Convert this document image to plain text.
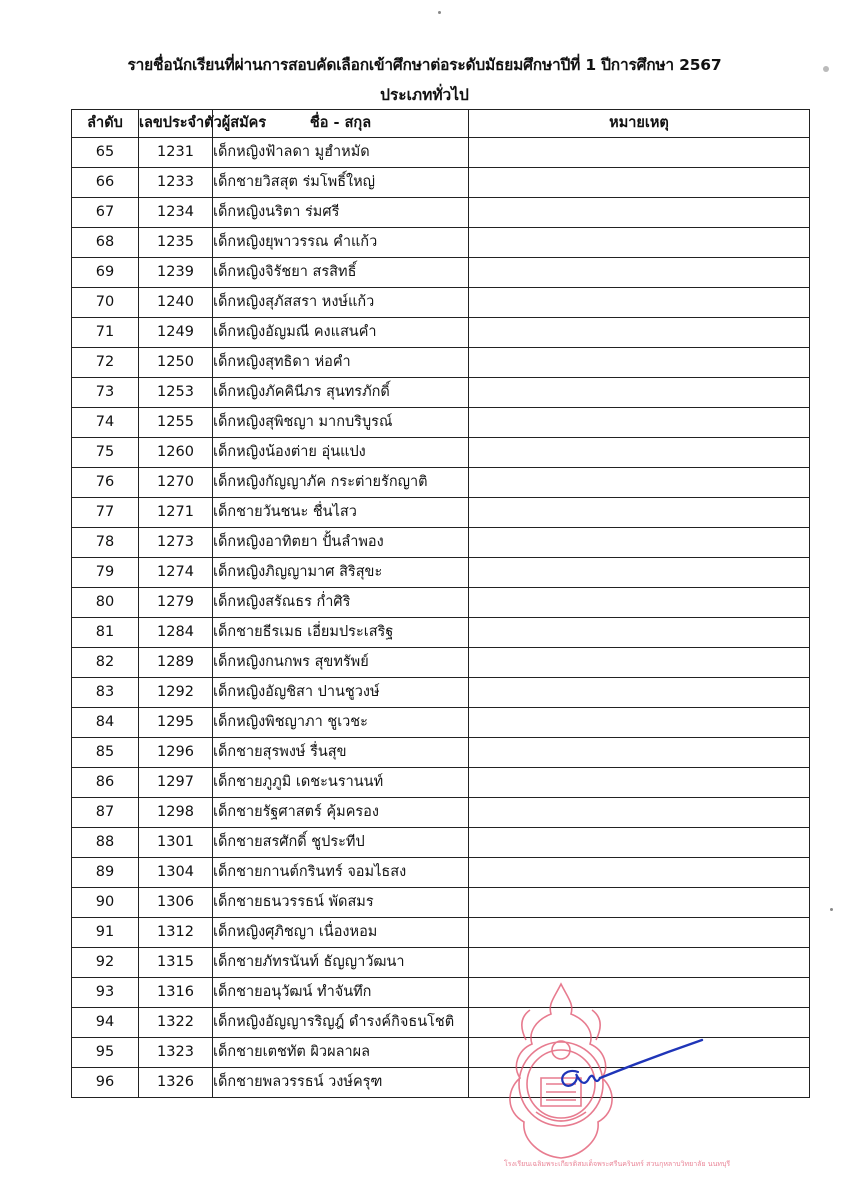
รายชื่อนักเรียนที่ผ่านการสอบคัดเลือกเข้าศึกษาต่อระดับมัธยมศึกษาปีที่ 1 ปีการศึกษา 2567
ประเภททั่วไป
ลำดับ	เลขประจำตัวผู้สมัคร	ชื่อ - สกุล	หมายเหตุ
65	1231	เด็กหญิงฟ้าลดา มูฮำหมัด	
66	1233	เด็กชายวิสสุต ร่มโพธิ์ใหญ่	
67	1234	เด็กหญิงนริตา ร่มศรี	
68	1235	เด็กหญิงยุพาวรรณ คำแก้ว	
69	1239	เด็กหญิงจิรัชยา สรสิทธิ์	
70	1240	เด็กหญิงสุภัสสรา หงษ์แก้ว	
71	1249	เด็กหญิงอัญมณี คงแสนคำ	
72	1250	เด็กหญิงสุทธิดา ห่อคำ	
73	1253	เด็กหญิงภัคคินีภร สุนทรภักดิ์	
74	1255	เด็กหญิงสุพิชญา มากบริบูรณ์	
75	1260	เด็กหญิงน้องต่าย อุ่นแปง	
76	1270	เด็กหญิงกัญญาภัค กระต่ายรักญาติ	
77	1271	เด็กชายวันชนะ ชื่นไสว	
78	1273	เด็กหญิงอาทิตยา ปั้นลำพอง	
79	1274	เด็กหญิงภิญญามาศ สิริสุขะ	
80	1279	เด็กหญิงสรัณธร ก่ำศิริ	
81	1284	เด็กชายธีรเมธ เอี่ยมประเสริฐ	
82	1289	เด็กหญิงกนกพร สุขทรัพย์	
83	1292	เด็กหญิงอัญชิสา ปานชูวงษ์	
84	1295	เด็กหญิงพิชญาภา ชูเวชะ	
85	1296	เด็กชายสุรพงษ์ รื่นสุข	
86	1297	เด็กชายภูภูมิ เดชะนรานนท์	
87	1298	เด็กชายรัฐศาสตร์ คุ้มครอง	
88	1301	เด็กชายสรศักดิ์ ชูประทีป	
89	1304	เด็กชายกานต์กรินทร์ จอมไธสง	
90	1306	เด็กชายธนวรรธน์ พัดสมร	
91	1312	เด็กหญิงศุภิชญา เนื่องหอม	
92	1315	เด็กชายภัทรนันท์ ธัญญาวัฒนา	
93	1316	เด็กชายอนุวัฒน์ ทำจันทึก	
94	1322	เด็กหญิงอัญญารริญฎ์ ดำรงค์กิจธนโชติ	
95	1323	เด็กชายเตชทัต ผิวผลาผล	
96	1326	เด็กชายพลวรรธน์ วงษ์ครุฑ	
โรงเรียนเฉลิมพระเกียรติสมเด็จพระศรีนครินทร์ สวนกุหลาบวิทยาลัย นนทบุรี
